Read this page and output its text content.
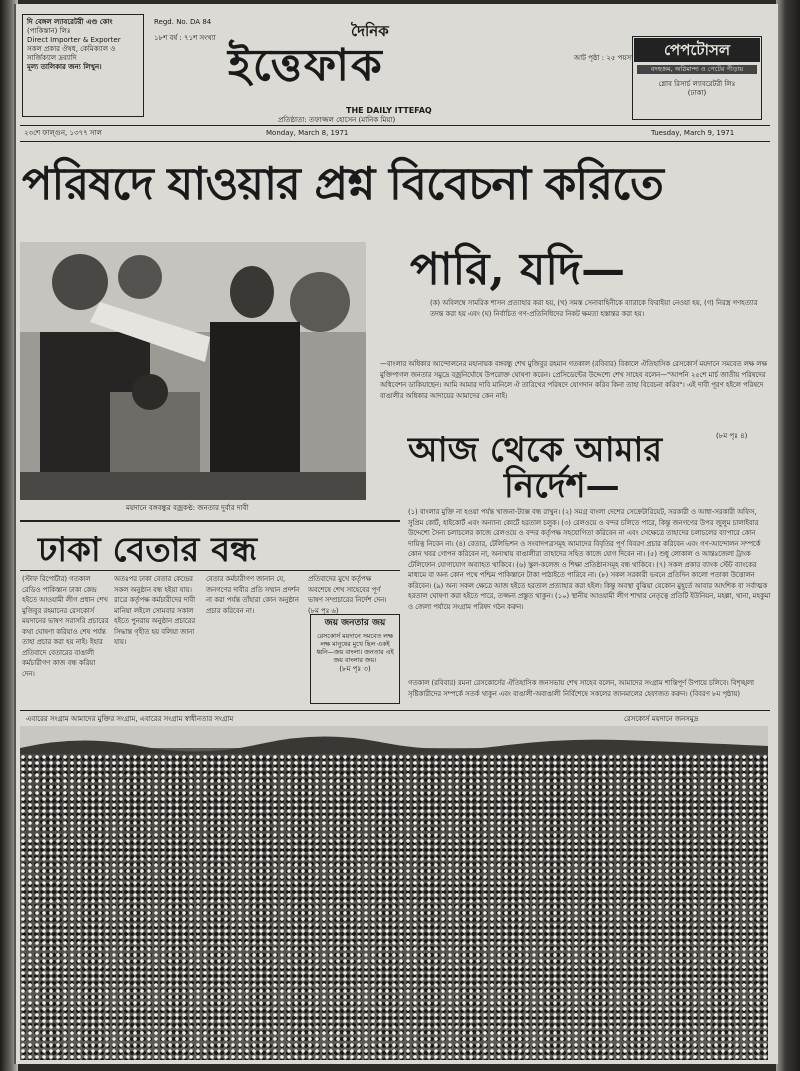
দি বেঙ্গল ল্যাবরেটরী এণ্ড কোং
(পাকিস্তান) লিঃ
Direct Importer & Exporter
সকল প্রকার ঔষধ, কেমিক্যাল ও সার্জিক্যাল দ্রব্যাদি
মূল্য তালিকার জন্য লিখুন।
Regd. No. DA 84
১৮শ বর্ষ : ৭১শ সংখ্যা	দৈনিক
ইত্তেফাক
THE DAILY ITTEFAQ
প্রতিষ্ঠাতা: তফাজ্জল হোসেন (মানিক মিয়া)
আট পৃষ্ঠা : ২৫ পয়সা	পেপটোসল
বদহজম, অগ্নিমান্দ্য ও পেটের পীড়ায়
গ্লোব রিসার্চ ল্যাবরেটরী লিঃ
(ঢাকা)
২৩শে ফাল্গুন, ১৩৭৭ সাল	Monday, March 8, 1971	Tuesday, March 9, 1971
পরিষদে যাওয়ার প্রশ্ন বিবেচনা করিতে
পারি, যদি—
ময়দানে বঙ্গবন্ধুর বজ্রকণ্ঠ: জনতার দুর্বার দাবী
(ক) অবিলম্বে সামরিক শাসন প্রত্যাহার করা হয়, (খ) সমস্ত সেনাবাহিনীকে ব্যারাকে ফিরাইয়া নেওয়া হয়, (গ) নিরস্ত্র গণহত্যার তদন্ত করা হয় এবং (ঘ) নির্বাচিত গণ-প্রতিনিধিদের নিকট ক্ষমতা হস্তান্তর করা হয়।
—বাংলার অধিকার আন্দোলনের মহানায়ক বঙ্গবন্ধু শেখ মুজিবুর রহমান গতকাল (রবিবার) বিকালে ঐতিহাসিক রেসকোর্স ময়দানে সমবেত লক্ষ লক্ষ মুক্তিপাগল জনতার সমুদ্রে বজ্রনির্ঘোষে উপরোক্ত ঘোষণা করেন। প্রেসিডেন্টের উদ্দেশ্যে শেখ সাহেব বলেন—"আপনি ২৫শে মার্চ জাতীয় পরিষদের অধিবেশন ডাকিয়াছেন। আমি আমার দাবি মানিলে ঐ তারিখের পরিষদে যোগদান করিব কিনা তাহা বিবেচনা করিব"। এই দাবী পূরণ হইলে পরিষদে বাঙালীর অধিকার আদায়ের আমাদের কেন নাই।
(৮ম পৃঃ ৪)
আজ থেকে আমার
নির্দেশ—
(১) বাংলার মুক্তি না হওয়া পর্যন্ত খাজনা-ট্যাক্স বন্ধ রাখুন। (২) সমগ্র বাংলা দেশের সেক্রেটারিয়েট, সরকারী ও আধা-সরকারী অফিস, সুপ্রিম কোর্ট, হাইকোর্ট এবং অন্যান্য কোর্টে হরতাল চলুক। (৩) রেলওয়ে ও বন্দর চলিতে পারে, কিন্তু জনগণের উপর জুলুম চালাইবার উদ্দেশ্যে সৈন্য চলাচলের কাজে রেলওয়ে ও বন্দর কর্তৃপক্ষ সহযোগিতা করিবেন না এবং সেক্ষেত্রে তাহাদের চলাচলের ব্যাপারে কোন দায়িত্ব নিবেন না। (৪) বেতার, টেলিভিশন ও সংবাদপত্রসমূহ আমাদের বিবৃতির পূর্ণ বিবরণ প্রচার করিবেন এবং গণ-আন্দোলন সম্পর্কে কোন খবর গোপন করিবেন না, অন্যথায় বাঙালীরা তাহাদের সহিত কাজে যোগ দিবেন না। (৫) শুধু লোকাল ও আন্তঃজেলা ট্রাংক টেলিফোন যোগাযোগ অব্যাহত থাকিবে। (৬) স্কুল-কলেজ ও শিক্ষা প্রতিষ্ঠানসমূহ বন্ধ থাকিবে। (৭) সকল প্রকার ব্যাংক স্টেট ব্যাংকের মাধ্যমে বা অন্য কোন পথে পশ্চিম পাকিস্তানে টাকা পাঠাইতে পারিবে না। (৮) সকল সরকারী ভবনে প্রতিদিন কালো পতাকা উত্তোলন করিবেন। (৯) অন্য সকল ক্ষেত্রে আজ হইতে হরতাল প্রত্যাহার করা হইল। কিন্তু অবস্থা বুঝিয়া যেকোন মুহূর্তে আবার আংশিক বা সর্বাত্মক হরতাল ঘোষণা করা হইতে পারে, তজ্জন্য প্রস্তুত থাকুন। (১০) স্থানীয় আওয়ামী লীগ শাখার নেতৃত্বে প্রতিটি ইউনিয়ন, মহল্লা, থানা, মহকুমা ও জেলা পর্যায়ে সংগ্রাম পরিষদ গঠন করুন।
গতকাল (রবিবার) রমনা রেসকোর্সের ঐতিহাসিক জনসভায় শেখ সাহেব বলেন, আমাদের সংগ্রাম শান্তিপূর্ণ উপায়ে চলিবে। বিশৃঙ্খলা সৃষ্টিকারীদের সম্পর্কে সতর্ক থাকুন এবং বাঙালী-অবাঙালী নির্বিশেষে সকলের জানমালের হেফাজত করুন। (বিবরণ ৮ম পৃষ্ঠায়)
ঢাকা বেতার বন্ধ
(স্টাফ রিপোর্টার) গতকাল রেডিও পাকিস্তান ঢাকা কেন্দ্র হইতে আওয়ামী লীগ প্রধান শেখ মুজিবুর রহমানের রেসকোর্স ময়দানের ভাষণ সরাসরি প্রচারের কথা ঘোষণা করিয়াও শেষ পর্যন্ত তাহা প্রচার করা হয় নাই। ইহার প্রতিবাদে বেতারের বাঙালী কর্মচারীগণ কাজ বন্ধ করিয়া দেন।
অতঃপর ঢাকা বেতার কেন্দ্রের সকল অনুষ্ঠান বন্ধ হইয়া যায়। রাত্রে কর্তৃপক্ষ কর্মচারীদের দাবী মানিয়া লইলে সোমবার সকাল হইতে পুনরায় অনুষ্ঠান প্রচারের সিদ্ধান্ত গৃহীত হয় বলিয়া জানা যায়।
বেতার কর্মচারীগণ জানান যে, জনগণের দাবীর প্রতি সম্মান প্রদর্শন না করা পর্যন্ত তাঁহারা কোন অনুষ্ঠান প্রচার করিবেন না।
প্রতিবাদের মুখে কর্তৃপক্ষ অবশেষে শেখ সাহেবের পূর্ণ ভাষণ সম্প্রচারের নির্দেশ দেন। (৮ম পৃঃ ৬)
জয় জনতার জয়
রেসকোর্স ময়দানে সমবেত লক্ষ লক্ষ মানুষের মুখে ছিল একই ধ্বনি—জয় বাংলা। জনতার এই জয় বাংলার জয়।
(৮ম পৃঃ ৩)
এবারের সংগ্রাম আমাদের মুক্তির সংগ্রাম, এবারের সংগ্রাম স্বাধীনতার সংগ্রাম	রেসকোর্স ময়দানে জনসমুদ্র
